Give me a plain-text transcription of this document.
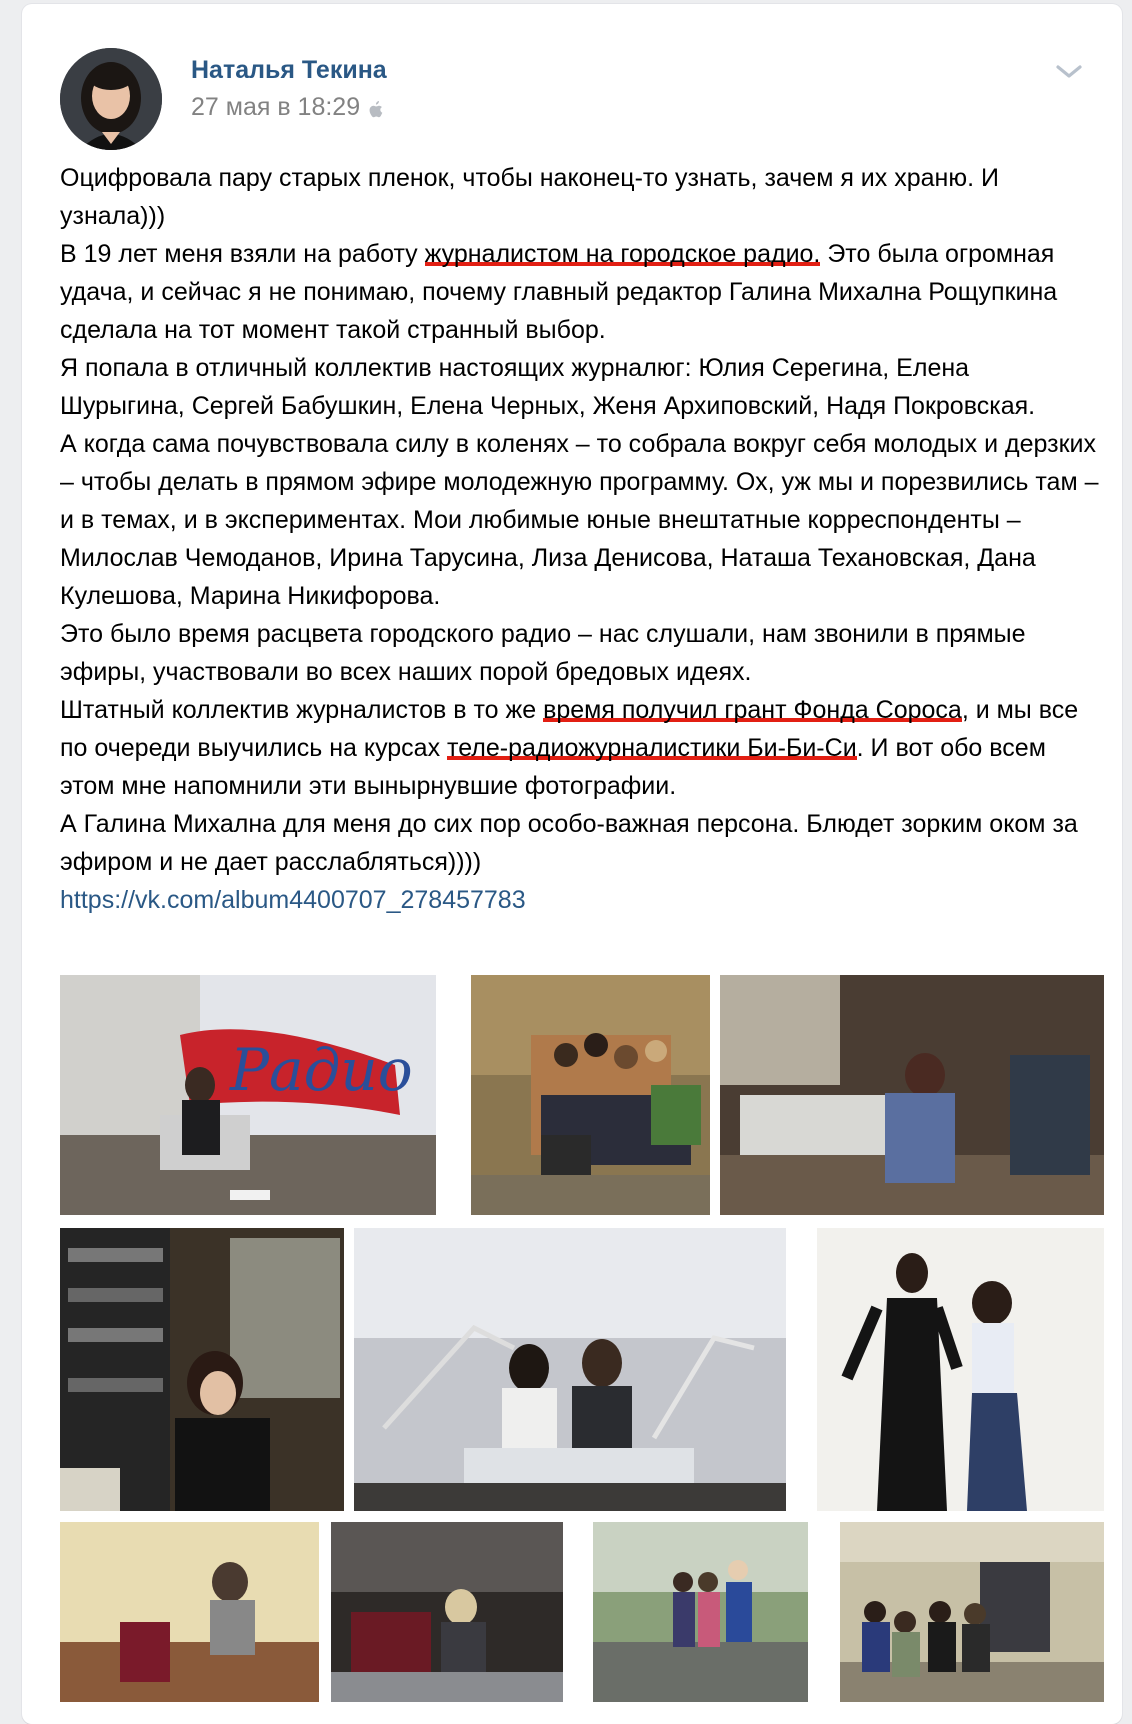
Наталья Текина
27 мая в 18:29

Оцифровала пару старых пленок, чтобы наконец-то узнать, зачем я их храню. И узнала)))

В 19 лет меня взяли на работу журналистом на городское радио. Это была огромная удача, и сейчас я не понимаю, почему главный редактор Галина Михална Рощупкина сделала на тот момент такой странный выбор.

Я попала в отличный коллектив настоящих журналюг: Юлия Серегина, Елена Шурыгина, Сергей Бабушкин, Елена Черных, Женя Архиповский, Надя Покровская.

А когда сама почувствовала силу в коленях – то собрала вокруг себя молодых и дерзких – чтобы делать в прямом эфире молодежную программу. Ох, уж мы и порезвились там – и в темах, и в экспериментах. Мои любимые юные внештатные корреспонденты – Милослав Чемоданов, Ирина Тарусина, Лиза Денисова, Наташа Техановская, Дана Кулешова, Марина Никифорова.

Это было время расцвета городского радио – нас слушали, нам звонили в прямые эфиры, участвовали во всех наших порой бредовых идеях.

Штатный коллектив журналистов в то же время получил грант Фонда Сороса, и мы все по очереди выучились на курсах теле-радиожурналистики Би-Би-Си. И вот обо всем этом мне напомнили эти вынырнувшие фотографии.

А Галина Михална для меня до сих пор особо-важная персона. Блюдет зорким оком за эфиром и не дает расслабляться))))

https://vk.com/album4400707_278457783

Радио
